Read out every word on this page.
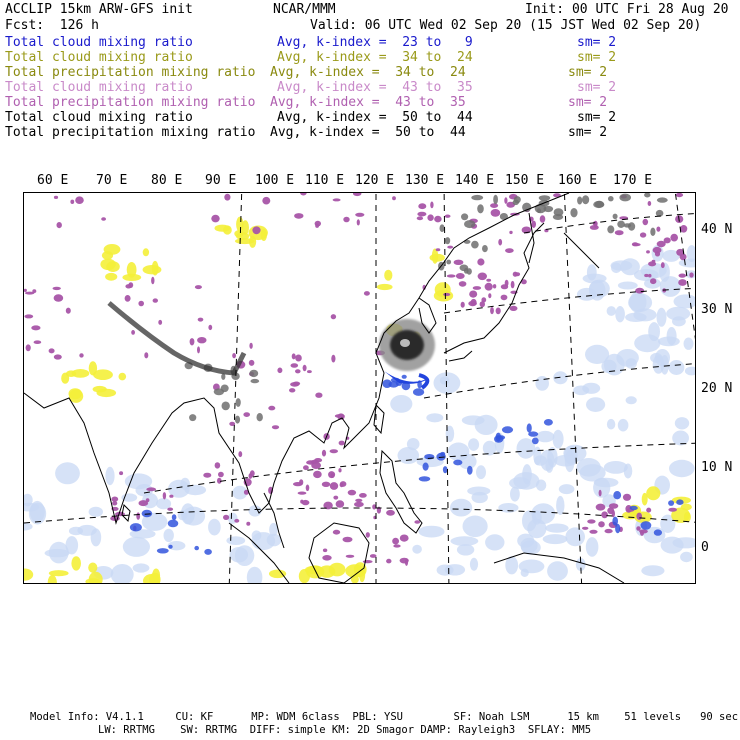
ACCLIP 15km ARW-GFS init	NCAR/MMM	Init: 00 UTC Fri 28 Aug 20
Fcst:  126 h	Valid: 06 UTC Wed 02 Sep 20 (15 JST Wed 02 Sep 20)
Total cloud mixing ratio	Avg, k-index =  23 to   9	sm= 2
Total cloud mixing ratio	Avg, k-index =  34 to  24	sm= 2
Total precipitation mixing ratio Avg, k-index =  34 to  24	sm= 2
Total cloud mixing ratio	Avg, k-index =  43 to  35	sm= 2
Total precipitation mixing ratio Avg, k-index =  43 to  35	sm= 2
Total cloud mixing ratio	Avg, k-index =  50 to  44	sm= 2
Total precipitation mixing ratio Avg, k-index =  50 to  44	sm= 2
60 E 70 E 80 E 90 E 100 E 110 E 120 E 130 E 140 E 150 E 160 E 170 E
40 N
30 N
20 N
10 N
0
Model Info: V4.1.1     CU: KF      MP: WDM 6class  PBL: YSU        SF: Noah LSM      15 km    51 levels   90 sec
LW: RRTMG    SW: RRTMG  DIFF: simple KM: 2D Smagor DAMP: Rayleigh3  SFLAY: MM5
